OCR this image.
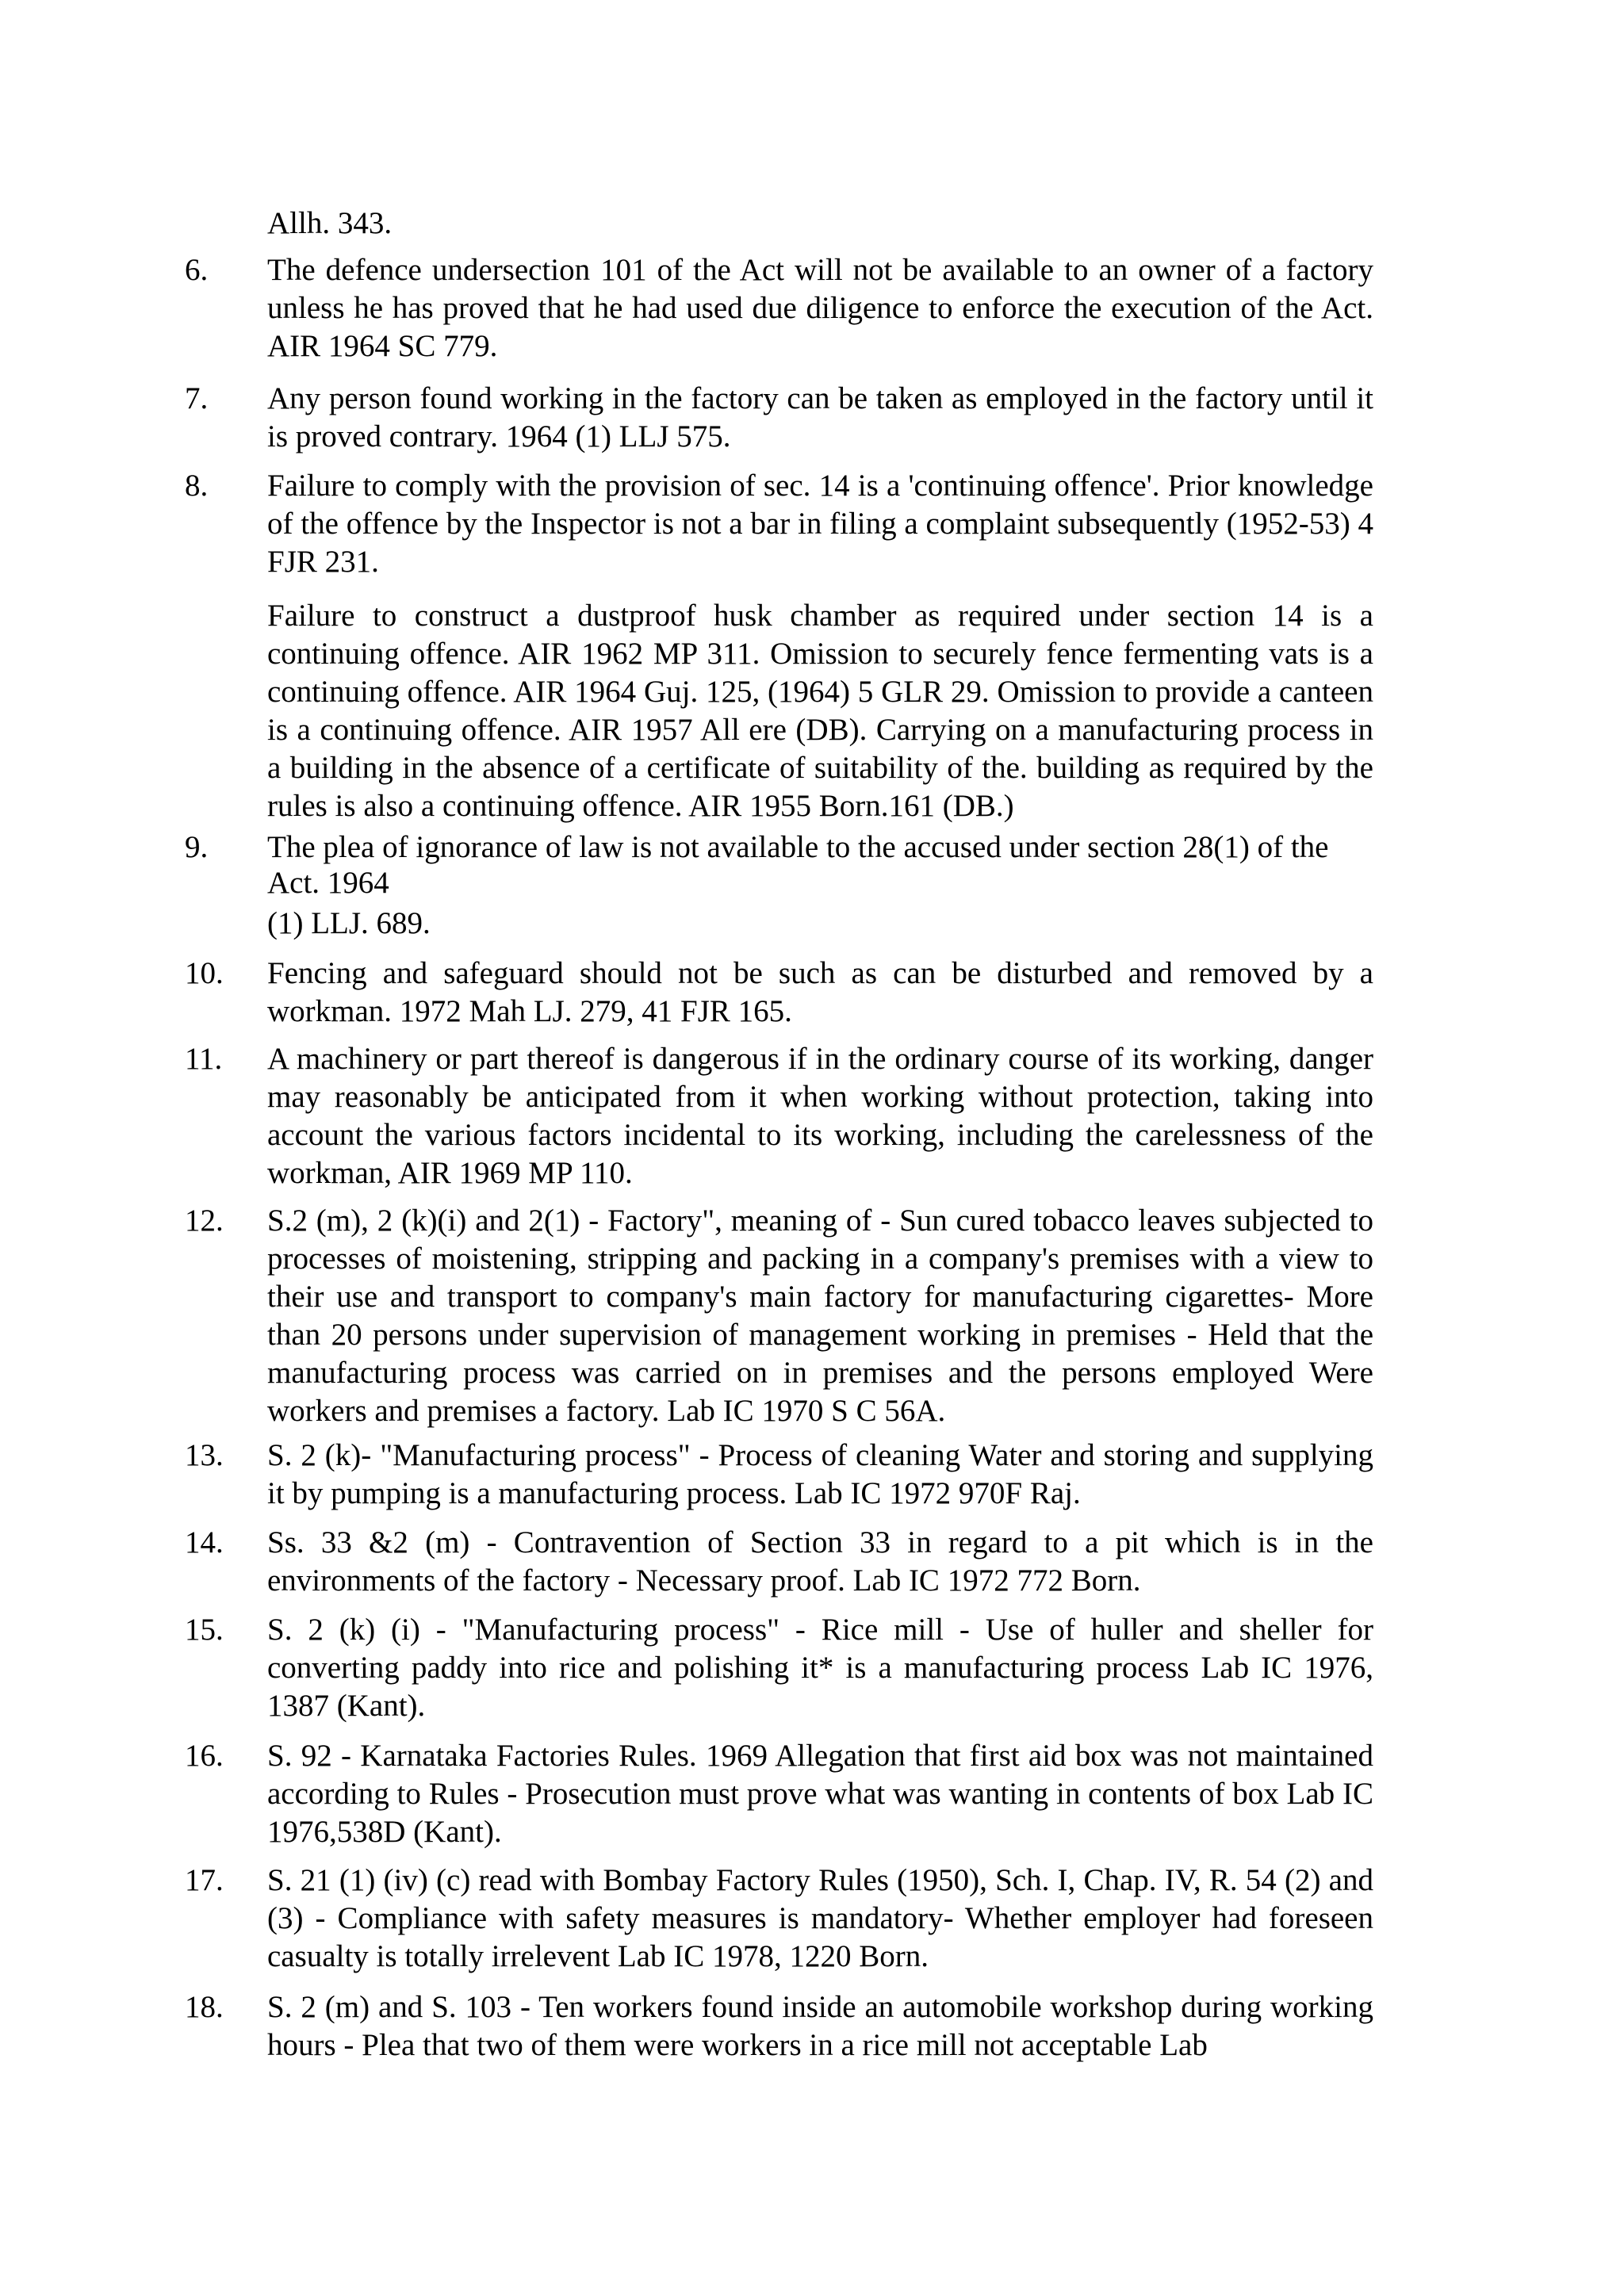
Allh. 343.
6. The defence undersection 101 of the Act will not be available to an owner of a factory unless he has proved that he had used due diligence to enforce the execution of the Act. AIR 1964 SC 779.
7. Any person found working in the factory can be taken as employed in the factory until it is proved contrary. 1964 (1) LLJ 575.
8. Failure to comply with the provision of sec. 14 is a 'continuing offence'. Prior knowledge of the offence by the Inspector is not a bar in filing a complaint subsequently (1952-53) 4 FJR 231.
Failure to construct a dustproof husk chamber as required under section 14 is a continuing offence. AIR 1962 MP 311. Omission to securely fence fermenting vats is a continuing offence. AIR 1964 Guj. 125, (1964) 5 GLR 29. Omission to provide a canteen is a continuing offence. AIR 1957 All ere (DB). Carrying on a manufacturing process in a building in the absence of a certificate of suitability of the. building as required by the rules is also a continuing offence. AIR 1955 Born.161 (DB.)
9. The plea of ignorance of law is not available to the accused under section 28(1) of the
Act. 1964
(1) LLJ. 689.
10. Fencing and safeguard should not be such as can be disturbed and removed by a workman. 1972 Mah LJ. 279, 41 FJR 165.
11. A machinery or part thereof is dangerous if in the ordinary course of its working, danger may reasonably be anticipated from it when working without protection, taking into account the various factors incidental to its working, including the carelessness of the workman, AIR 1969 MP 110.
12. S.2 (m), 2 (k)(i) and 2(1) - Factory", meaning of - Sun cured tobacco leaves subjected to processes of moistening, stripping and packing in a company's premises with a view to their use and transport to company's main factory for manufacturing cigarettes- More than 20 persons under supervision of management working in premises - Held that the manufacturing process was carried on in premises and the persons employed Were workers and premises a factory. Lab IC 1970 S C 56A.
13. S. 2 (k)- "Manufacturing process" - Process of cleaning Water and storing and supplying it by pumping is a manufacturing process. Lab IC 1972 970F Raj.
14. Ss. 33 &2 (m) - Contravention of Section 33 in regard to a pit which is in the environments of the factory - Necessary proof. Lab IC 1972 772 Born.
15. S. 2 (k) (i) - "Manufacturing process" - Rice mill - Use of huller and sheller for converting paddy into rice and polishing it* is a manufacturing process Lab IC 1976, 1387 (Kant).
16. S. 92 - Karnataka Factories Rules. 1969 Allegation that first aid box was not maintained according to Rules - Prosecution must prove what was wanting in contents of box Lab IC 1976,538D (Kant).
17. S. 21 (1) (iv) (c) read with Bombay Factory Rules (1950), Sch. I, Chap. IV, R. 54 (2) and (3) - Compliance with safety measures is mandatory- Whether employer had foreseen casualty is totally irrelevent Lab IC 1978, 1220 Born.
18. S. 2 (m) and S. 103 - Ten workers found inside an automobile workshop during working hours - Plea that two of them were workers in a rice mill not acceptable Lab
